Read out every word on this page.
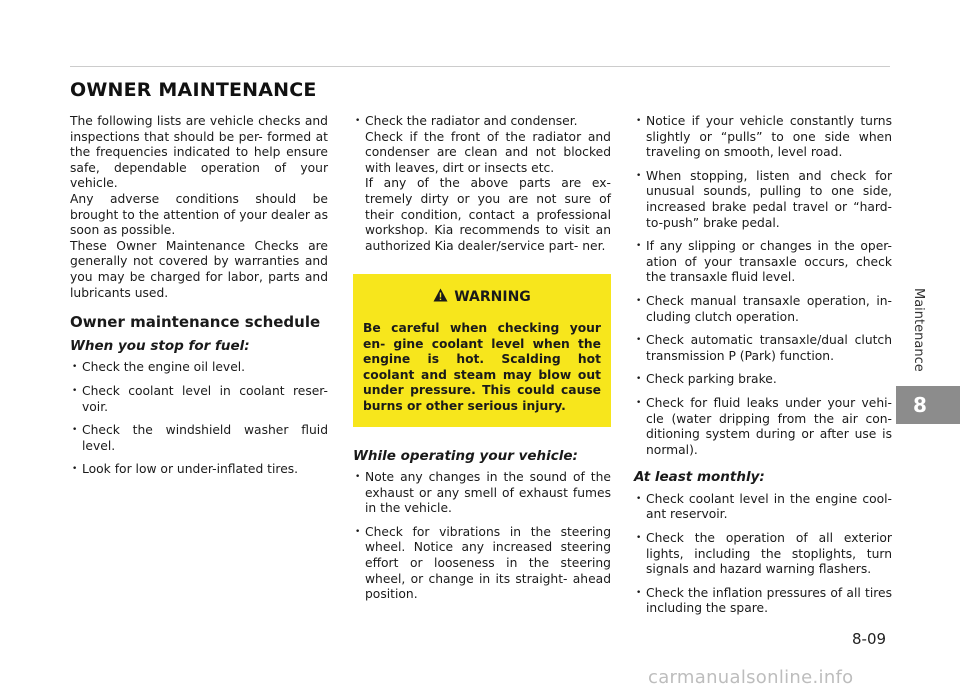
OWNER MAINTENANCE

The following lists are vehicle checks and inspections that should be per- formed at the frequencies indicated to help ensure safe, dependable operation of your vehicle.

Any adverse conditions should be brought to the attention of your dealer as soon as possible.

These Owner Maintenance Checks are generally not covered by warranties and you may be charged for labor, parts and lubricants used.

Owner maintenance schedule
When you stop for fuel:
• Check the engine oil level.
• Check coolant level in coolant reser- voir.
• Check the windshield washer fluid level.
• Look for low or under-inflated tires.
• Check the radiator and condenser.

Check if the front of the radiator and condenser are clean and not blocked with leaves, dirt or insects etc.

If any of the above parts are ex- tremely dirty or you are not sure of their condition, contact a professional workshop. Kia recommends to visit an authorized Kia dealer/service part- ner.

WARNING

Be careful when checking your en- gine coolant level when the engine is hot. Scalding hot coolant and steam may blow out under pressure. This could cause burns or other serious injury.

While operating your vehicle:
• Note any changes in the sound of the exhaust or any smell of exhaust fumes in the vehicle.
• Check for vibrations in the steering wheel. Notice any increased steering effort or looseness in the steering wheel, or change in its straight- ahead position.
• Notice if your vehicle constantly turns slightly or “pulls” to one side when traveling on smooth, level road.
• When stopping, listen and check for unusual sounds, pulling to one side, increased brake pedal travel or “hard- to-push” brake pedal.
• If any slipping or changes in the oper- ation of your transaxle occurs, check the transaxle fluid level.
• Check manual transaxle operation, in- cluding clutch operation.
• Check automatic transaxle/dual clutch transmission P (Park) function.
• Check parking brake.
• Check for fluid leaks under your vehi- cle (water dripping from the air con- ditioning system during or after use is normal).
At least monthly:
• Check coolant level in the engine cool- ant reservoir.
• Check the operation of all exterior lights, including the stoplights, turn signals and hazard warning flashers.
• Check the inflation pressures of all tires including the spare.
Maintenance
8
8-09
carmanualsonline.info
